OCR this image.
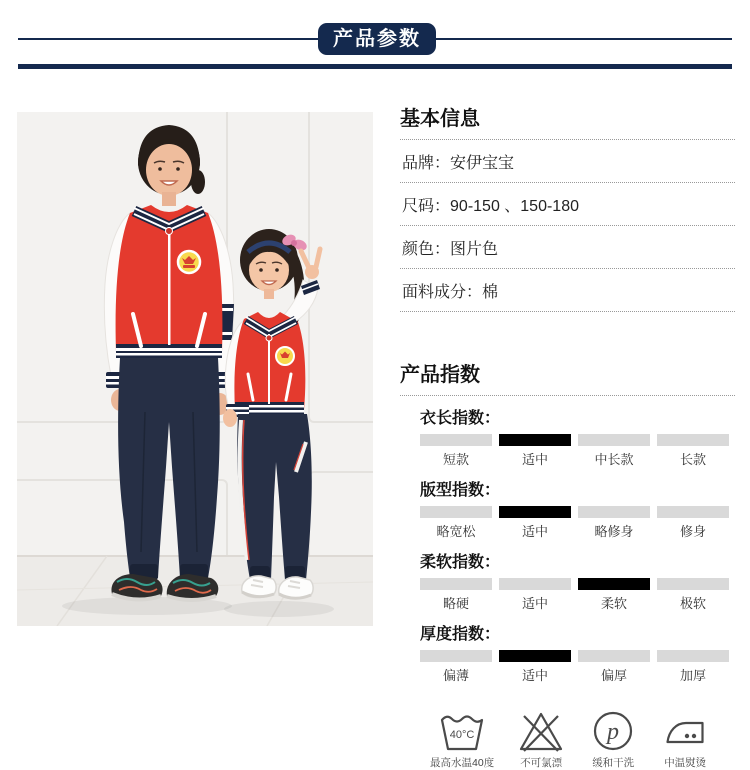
产品参数
基本信息
品牌：安伊宝宝
尺码：90-150 、150-180
颜色：图片色
面料成分：棉
产品指数
衣长指数：
短款	适中	中长款	长款
版型指数：
略宽松	适中	略修身	修身
柔软指数：
略硬	适中	柔软	极软
厚度指数：
偏薄	适中	偏厚	加厚
40°C
最高水温40度 不可氯漂
p
缓和干洗	中温熨烫
